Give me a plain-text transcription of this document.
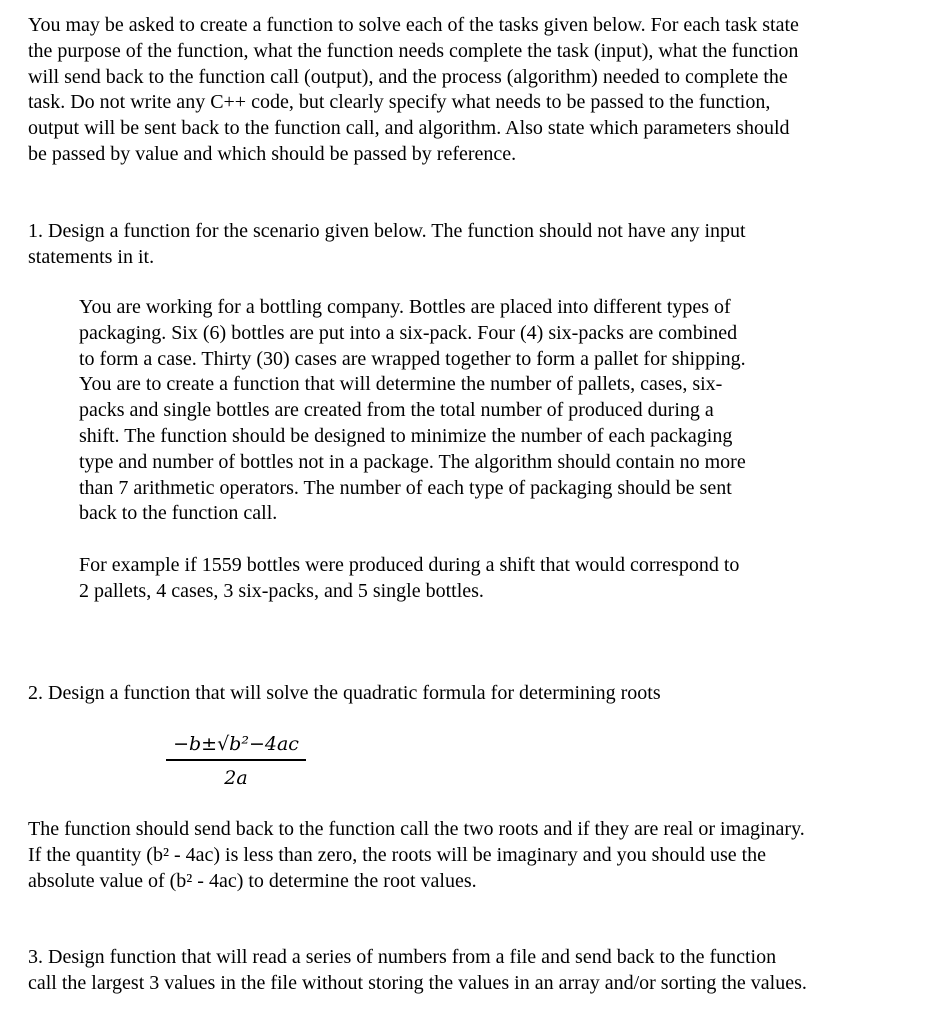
You may be asked to create a function to solve each of the tasks given below. For each task state
the purpose of the function, what the function needs complete the task (input), what the function
will send back to the function call (output), and the process (algorithm) needed to complete the
task. Do not write any C++ code, but clearly specify what needs to be passed to the function,
output will be sent back to the function call, and algorithm. Also state which parameters should
be passed by value and which should be passed by reference.
1. Design a function for the scenario given below. The function should not have any input
statements in it.
You are working for a bottling company. Bottles are placed into different types of
packaging. Six (6) bottles are put into a six-pack. Four (4) six-packs are combined
to form a case. Thirty (30) cases are wrapped together to form a pallet for shipping.
You are to create a function that will determine the number of pallets, cases, six-
packs and single bottles are created from the total number of produced during a
shift. The function should be designed to minimize the number of each packaging
type and number of bottles not in a package. The algorithm should contain no more
than 7 arithmetic operators. The number of each type of packaging should be sent
back to the function call.
For example if 1559 bottles were produced during a shift that would correspond to
2 pallets, 4 cases, 3 six-packs, and 5 single bottles.
2. Design a function that will solve the quadratic formula for determining roots
$\frac{\text{−b±√b²−4ac}}{2a}$
The function should send back to the function call the two roots and if they are real or imaginary.
If the quantity (b² - 4ac) is less than zero, the roots will be imaginary and you should use the
absolute value of (b² - 4ac) to determine the root values.
3. Design function that will read a series of numbers from a file and send back to the function
call the largest 3 values in the file without storing the values in an array and/or sorting the values.
